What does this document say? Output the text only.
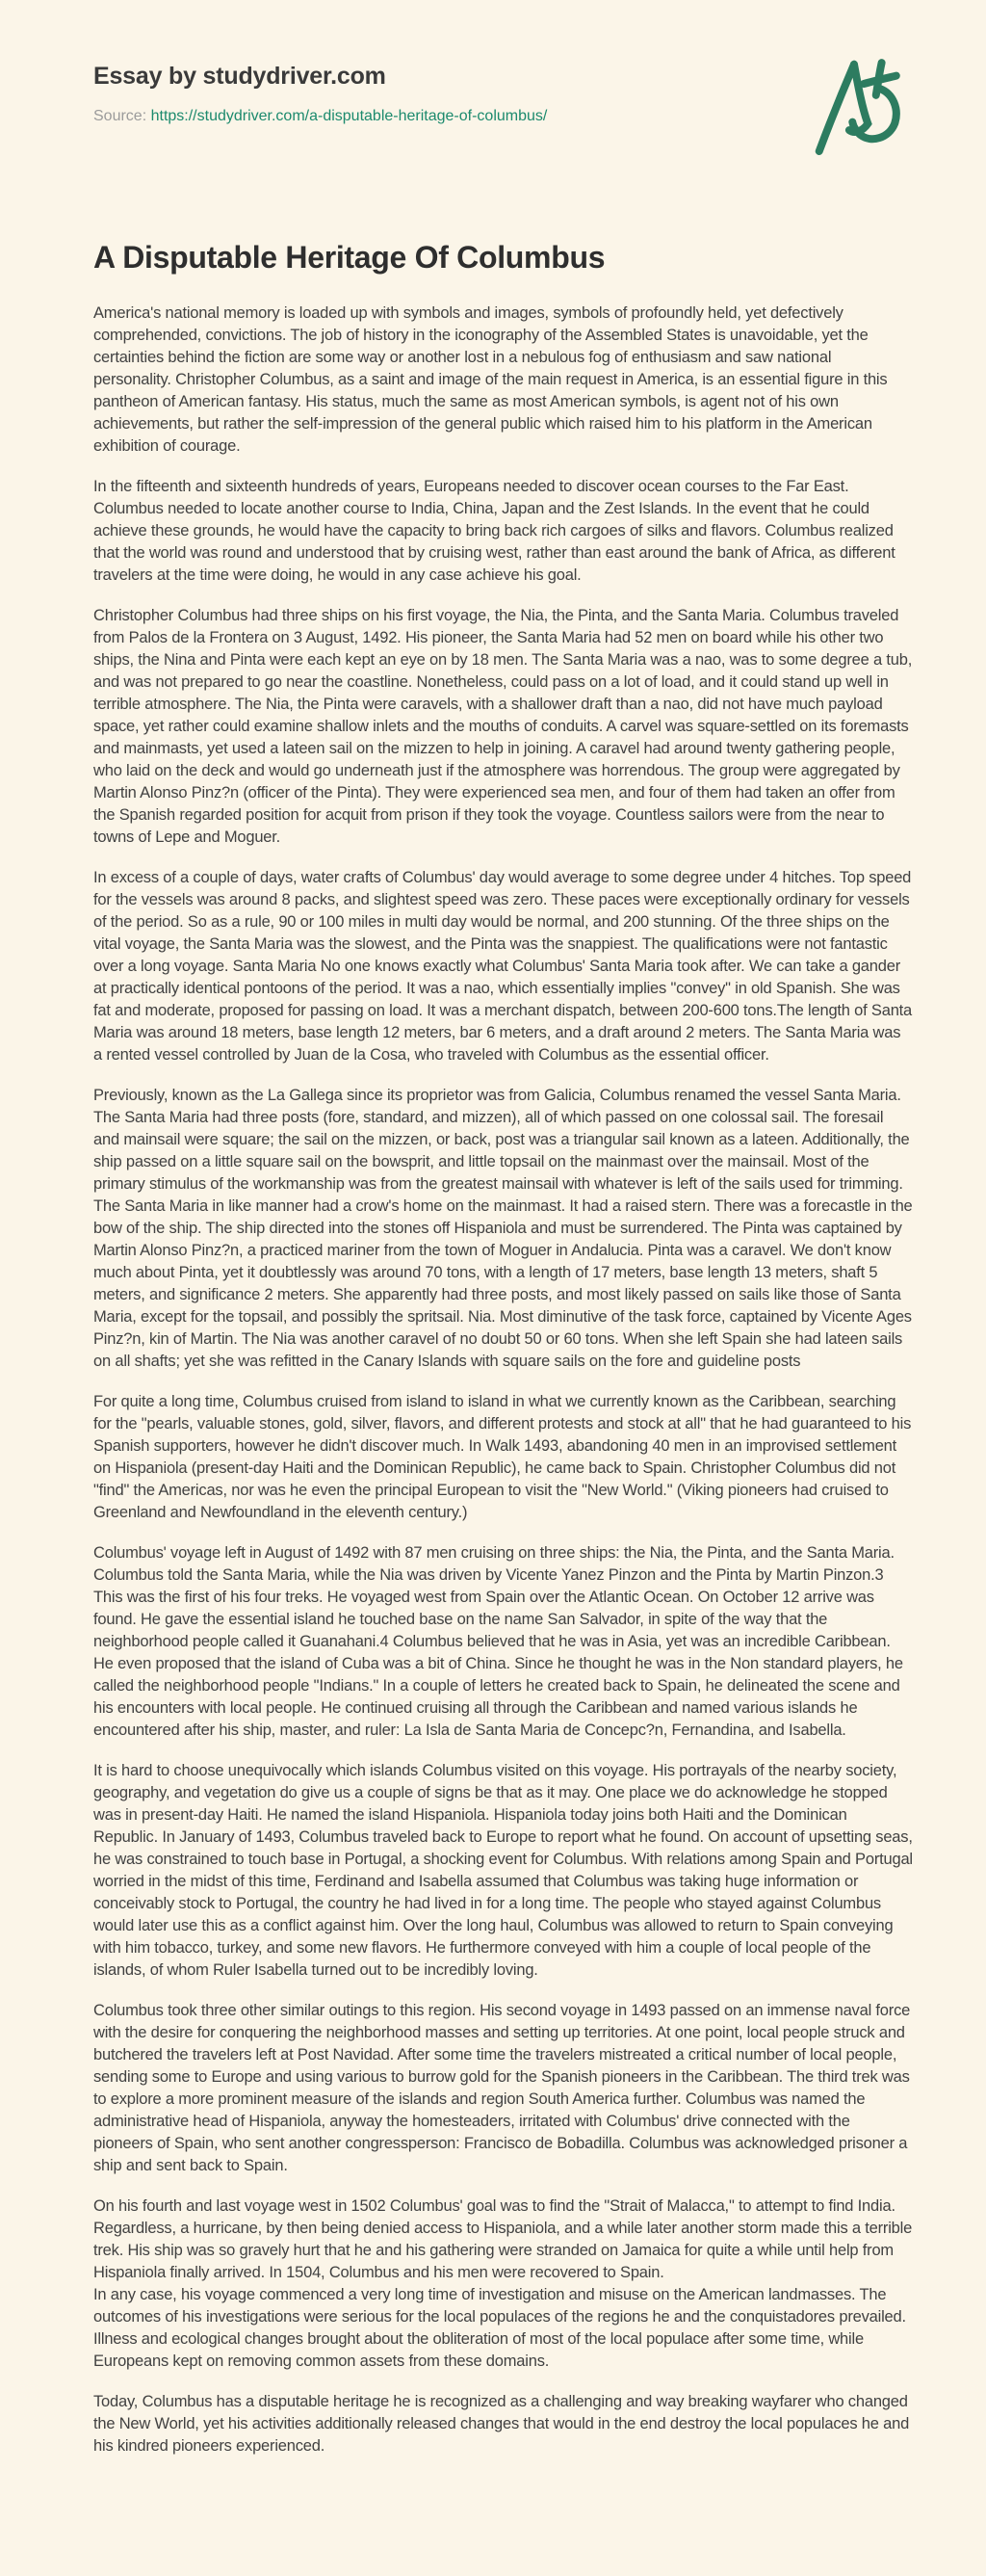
Essay by studydriver.com
Source: https://studydriver.com/a-disputable-heritage-of-columbus/
A Disputable Heritage Of Columbus

America's national memory is loaded up with symbols and images, symbols of profoundly held, yet defectively comprehended, convictions. The job of history in the iconography of the Assembled States is unavoidable, yet the certainties behind the fiction are some way or another lost in a nebulous fog of enthusiasm and saw national personality. Christopher Columbus, as a saint and image of the main request in America, is an essential figure in this pantheon of American fantasy. His status, much the same as most American symbols, is agent not of his own achievements, but rather the self-impression of the general public which raised him to his platform in the American exhibition of courage.

In the fifteenth and sixteenth hundreds of years, Europeans needed to discover ocean courses to the Far East. Columbus needed to locate another course to India, China, Japan and the Zest Islands. In the event that he could achieve these grounds, he would have the capacity to bring back rich cargoes of silks and flavors. Columbus realized that the world was round and understood that by cruising west, rather than east around the bank of Africa, as different travelers at the time were doing, he would in any case achieve his goal.

Christopher Columbus had three ships on his first voyage, the Nia, the Pinta, and the Santa Maria. Columbus traveled from Palos de la Frontera on 3 August, 1492. His pioneer, the Santa Maria had 52 men on board while his other two ships, the Nina and Pinta were each kept an eye on by 18 men. The Santa Maria was a nao, was to some degree a tub, and was not prepared to go near the coastline. Nonetheless, could pass on a lot of load, and it could stand up well in terrible atmosphere. The Nia, the Pinta were caravels, with a shallower draft than a nao, did not have much payload space, yet rather could examine shallow inlets and the mouths of conduits. A carvel was square-settled on its foremasts and mainmasts, yet used a lateen sail on the mizzen to help in joining. A caravel had around twenty gathering people, who laid on the deck and would go underneath just if the atmosphere was horrendous. The group were aggregated by Martin Alonso Pinz?n (officer of the Pinta). They were experienced sea men, and four of them had taken an offer from the Spanish regarded position for acquit from prison if they took the voyage. Countless sailors were from the near to towns of Lepe and Moguer.

In excess of a couple of days, water crafts of Columbus' day would average to some degree under 4 hitches. Top speed for the vessels was around 8 packs, and slightest speed was zero. These paces were exceptionally ordinary for vessels of the period. So as a rule, 90 or 100 miles in multi day would be normal, and 200 stunning. Of the three ships on the vital voyage, the Santa Maria was the slowest, and the Pinta was the snappiest. The qualifications were not fantastic over a long voyage. Santa Maria No one knows exactly what Columbus' Santa Maria took after. We can take a gander at practically identical pontoons of the period. It was a nao, which essentially implies "convey" in old Spanish. She was fat and moderate, proposed for passing on load. It was a merchant dispatch, between 200-600 tons.The length of Santa Maria was around 18 meters, base length 12 meters, bar 6 meters, and a draft around 2 meters. The Santa Maria was a rented vessel controlled by Juan de la Cosa, who traveled with Columbus as the essential officer.

Previously, known as the La Gallega since its proprietor was from Galicia, Columbus renamed the vessel Santa Maria. The Santa Maria had three posts (fore, standard, and mizzen), all of which passed on one colossal sail. The foresail and mainsail were square; the sail on the mizzen, or back, post was a triangular sail known as a lateen. Additionally, the ship passed on a little square sail on the bowsprit, and little topsail on the mainmast over the mainsail. Most of the primary stimulus of the workmanship was from the greatest mainsail with whatever is left of the sails used for trimming. The Santa Maria in like manner had a crow's home on the mainmast. It had a raised stern. There was a forecastle in the bow of the ship. The ship directed into the stones off Hispaniola and must be surrendered. The Pinta was captained by Martin Alonso Pinz?n, a practiced mariner from the town of Moguer in Andalucia. Pinta was a caravel. We don't know much about Pinta, yet it doubtlessly was around 70 tons, with a length of 17 meters, base length 13 meters, shaft 5 meters, and significance 2 meters. She apparently had three posts, and most likely passed on sails like those of Santa Maria, except for the topsail, and possibly the spritsail. Nia. Most diminutive of the task force, captained by Vicente Ages Pinz?n, kin of Martin. The Nia was another caravel of no doubt 50 or 60 tons. When she left Spain she had lateen sails on all shafts; yet she was refitted in the Canary Islands with square sails on the fore and guideline posts

For quite a long time, Columbus cruised from island to island in what we currently known as the Caribbean, searching for the "pearls, valuable stones, gold, silver, flavors, and different protests and stock at all" that he had guaranteed to his Spanish supporters, however he didn't discover much. In Walk 1493, abandoning 40 men in an improvised settlement on Hispaniola (present-day Haiti and the Dominican Republic), he came back to Spain. Christopher Columbus did not "find" the Americas, nor was he even the principal European to visit the "New World." (Viking pioneers had cruised to Greenland and Newfoundland in the eleventh century.)

Columbus' voyage left in August of 1492 with 87 men cruising on three ships: the Nia, the Pinta, and the Santa Maria. Columbus told the Santa Maria, while the Nia was driven by Vicente Yanez Pinzon and the Pinta by Martin Pinzon.3 This was the first of his four treks. He voyaged west from Spain over the Atlantic Ocean. On October 12 arrive was found. He gave the essential island he touched base on the name San Salvador, in spite of the way that the neighborhood people called it Guanahani.4 Columbus believed that he was in Asia, yet was an incredible Caribbean. He even proposed that the island of Cuba was a bit of China. Since he thought he was in the Non standard players, he called the neighborhood people "Indians." In a couple of letters he created back to Spain, he delineated the scene and his encounters with local people. He continued cruising all through the Caribbean and named various islands he encountered after his ship, master, and ruler: La Isla de Santa Maria de Concepc?n, Fernandina, and Isabella.

It is hard to choose unequivocally which islands Columbus visited on this voyage. His portrayals of the nearby society, geography, and vegetation do give us a couple of signs be that as it may. One place we do acknowledge he stopped was in present-day Haiti. He named the island Hispaniola. Hispaniola today joins both Haiti and the Dominican Republic. In January of 1493, Columbus traveled back to Europe to report what he found. On account of upsetting seas, he was constrained to touch base in Portugal, a shocking event for Columbus. With relations among Spain and Portugal worried in the midst of this time, Ferdinand and Isabella assumed that Columbus was taking huge information or conceivably stock to Portugal, the country he had lived in for a long time. The people who stayed against Columbus would later use this as a conflict against him. Over the long haul, Columbus was allowed to return to Spain conveying with him tobacco, turkey, and some new flavors. He furthermore conveyed with him a couple of local people of the islands, of whom Ruler Isabella turned out to be incredibly loving.

Columbus took three other similar outings to this region. His second voyage in 1493 passed on an immense naval force with the desire for conquering the neighborhood masses and setting up territories. At one point, local people struck and butchered the travelers left at Post Navidad. After some time the travelers mistreated a critical number of local people, sending some to Europe and using various to burrow gold for the Spanish pioneers in the Caribbean. The third trek was to explore a more prominent measure of the islands and region South America further. Columbus was named the administrative head of Hispaniola, anyway the homesteaders, irritated with Columbus' drive connected with the pioneers of Spain, who sent another congressperson: Francisco de Bobadilla. Columbus was acknowledged prisoner a ship and sent back to Spain.

On his fourth and last voyage west in 1502 Columbus' goal was to find the "Strait of Malacca," to attempt to find India. Regardless, a hurricane, by then being denied access to Hispaniola, and a while later another storm made this a terrible trek. His ship was so gravely hurt that he and his gathering were stranded on Jamaica for quite a while until help from Hispaniola finally arrived. In 1504, Columbus and his men were recovered to Spain.

In any case, his voyage commenced a very long time of investigation and misuse on the American landmasses. The outcomes of his investigations were serious for the local populaces of the regions he and the conquistadores prevailed. Illness and ecological changes brought about the obliteration of most of the local populace after some time, while Europeans kept on removing common assets from these domains.

Today, Columbus has a disputable heritage he is recognized as a challenging and way breaking wayfarer who changed the New World, yet his activities additionally released changes that would in the end destroy the local populaces he and his kindred pioneers experienced.
